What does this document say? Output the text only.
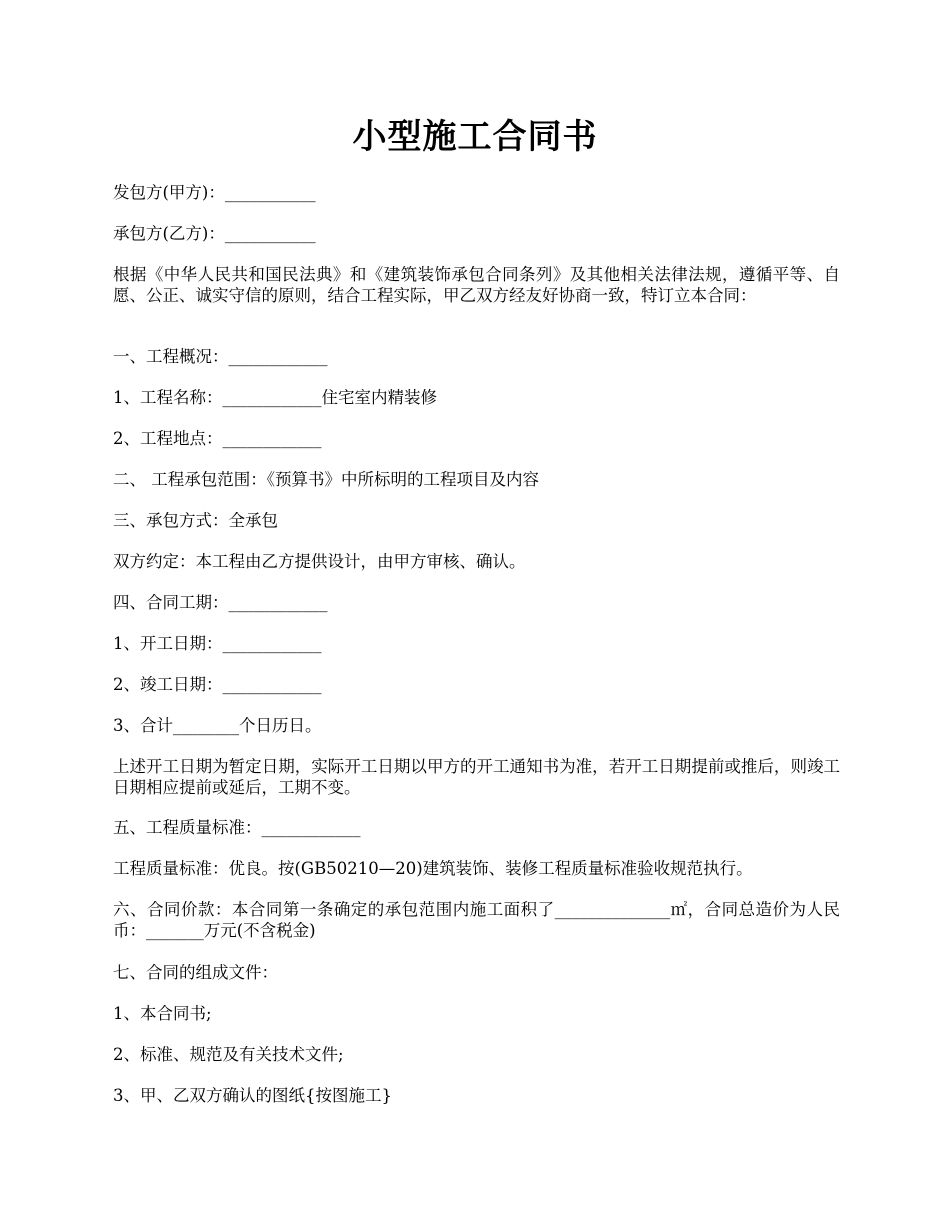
小型施工合同书

发包方(甲方)：___________

承包方(乙方)：___________

根据《中华人民共和国民法典》和《建筑装饰承包合同条列》及其他相关法律法规，遵循平等、自愿、公正、诚实守信的原则，结合工程实际，甲乙双方经友好协商一致，特订立本合同：

一、工程概况：____________

1、工程名称：____________住宅室内精装修

2、工程地点：____________

二、 工程承包范围：《预算书》中所标明的工程项目及内容

三、承包方式：全承包

双方约定：本工程由乙方提供设计，由甲方审核、确认。

四、合同工期：____________

1、开工日期：____________

2、竣工日期：____________

3、合计________个日历日。

上述开工日期为暂定日期，实际开工日期以甲方的开工通知书为准，若开工日期提前或推后，则竣工日期相应提前或延后，工期不变。

五、工程质量标准：____________

工程质量标准：优良。按(GB50210—20)建筑装饰、装修工程质量标准验收规范执行。

六、合同价款：本合同第一条确定的承包范围内施工面积了______________㎡，合同总造价为人民币：_______万元(不含税金)

七、合同的组成文件：

1、本合同书;

2、标准、规范及有关技术文件;

3、甲、乙双方确认的图纸{按图施工}
